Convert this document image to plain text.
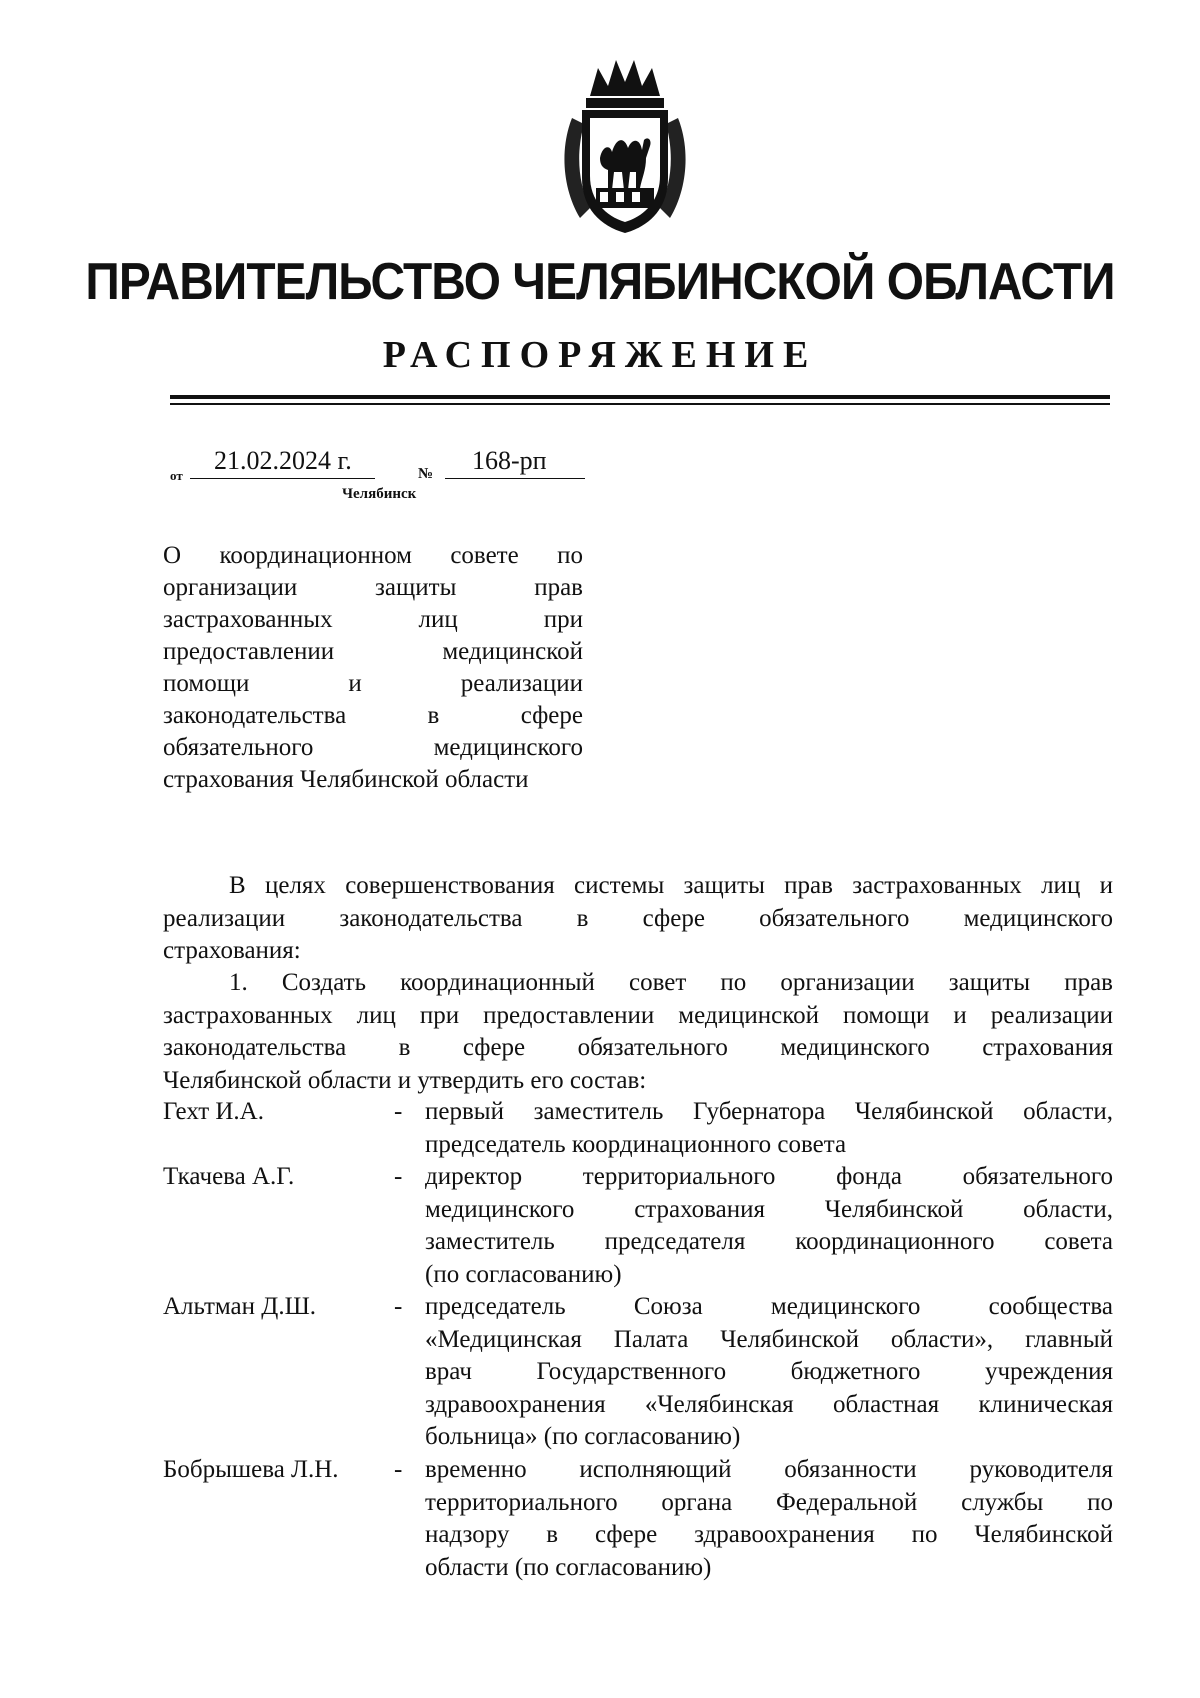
ПРАВИТЕЛЬСТВО ЧЕЛЯБИНСКОЙ ОБЛАСТИ
РАСПОРЯЖЕНИЕ
от
21.02.2024 г.	№ 168-рп
Челябинск
О координационном совете по
организации защиты прав
застрахованных лиц при
предоставлении медицинской
помощи и реализации
законодательства в сфере
обязательного медицинского
страхования Челябинской области
В целях совершенствования системы защиты прав застрахованных лиц и
реализации законодательства в сфере обязательного медицинского
страхования:
1. Создать координационный совет по организации защиты прав
застрахованных лиц при предоставлении медицинской помощи и реализации
законодательства в сфере обязательного медицинского страхования
Челябинской области и утвердить его состав:
Гехт И.А.	- первый заместитель Губернатора Челябинской области,
председатель координационного совета
Ткачева А.Г.	- директор территориального фонда обязательного
медицинского страхования Челябинской области,
заместитель председателя координационного совета
(по согласованию)
Альтман Д.Ш.	- председатель Союза медицинского сообщества
«Медицинская Палата Челябинской области», главный
врач Государственного бюджетного учреждения
здравоохранения «Челябинская областная клиническая
больница» (по согласованию)
Бобрышева Л.Н. - временно исполняющий обязанности руководителя
территориального органа Федеральной службы по
надзору в сфере здравоохранения по Челябинской
области (по согласованию)
